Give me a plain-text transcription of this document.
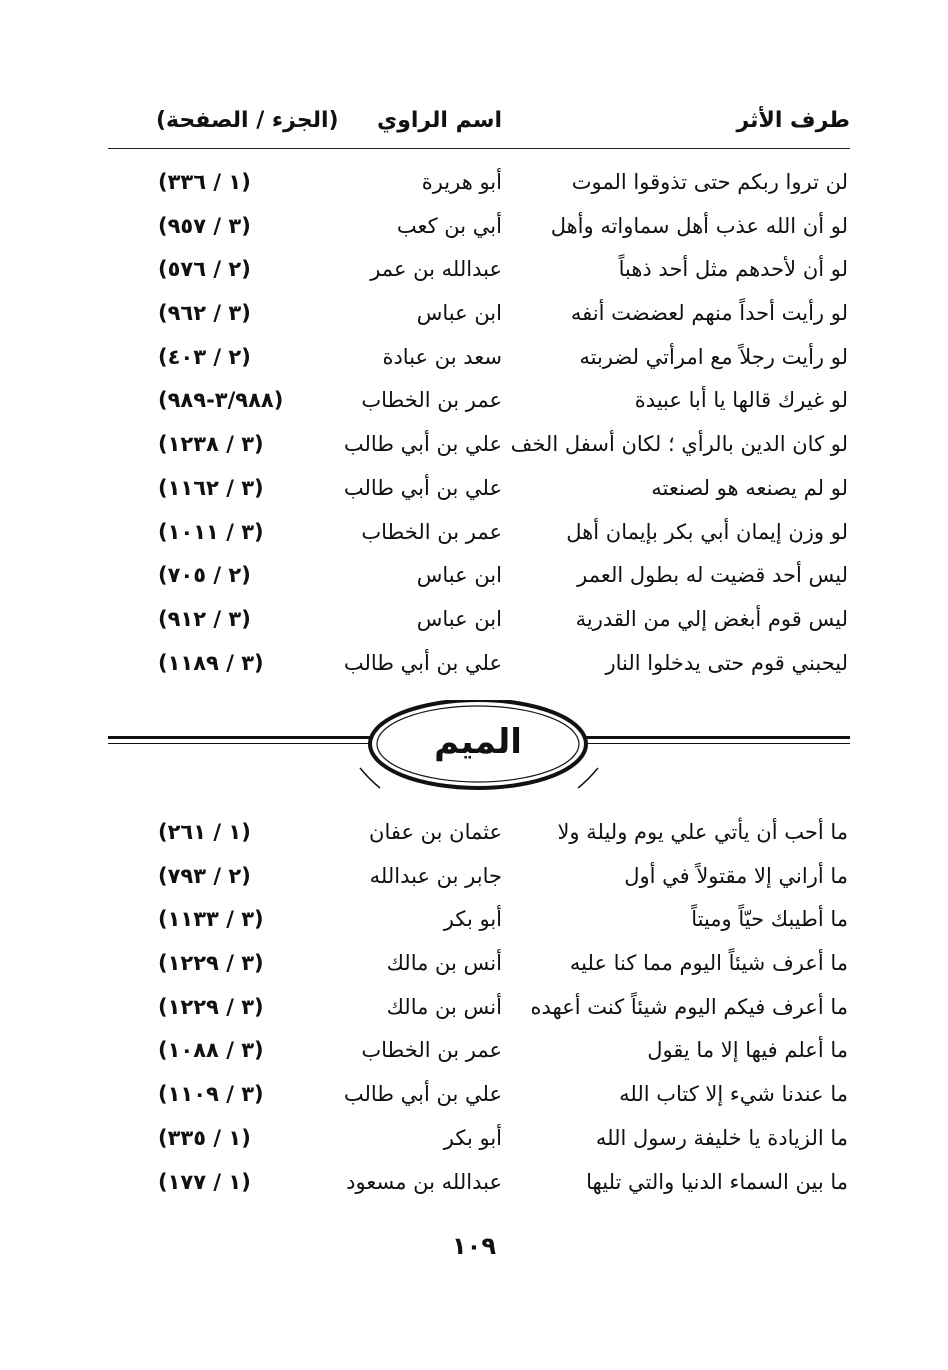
طرف الأثر
اسم الراوي
(الجزء / الصفحة)
لن تروا ربكم حتى تذوقوا الموت
أبو هريرة
(١ / ٣٣٦)
لو أن الله عذب أهل سماواته وأهل
أبي بن كعب
(٣ / ٩٥٧)
لو أن لأحدهم مثل أحد ذهباً
عبدالله بن عمر
(٢ / ٥٧٦)
لو رأيت أحداً منهم لعضضت أنفه
ابن عباس
(٣ / ٩٦٢)
لو رأيت رجلاً مع امرأتي لضربته
سعد بن عبادة
(٢ / ٤٠٣)
لو غيرك قالها يا أبا عبيدة
عمر بن الخطاب
(٣/٩٨٨-٩٨٩)
لو كان الدين بالرأي ؛ لكان أسفل الخف
علي بن أبي طالب
(٣ / ١٢٣٨)
لو لم يصنعه هو لصنعته
علي بن أبي طالب
(٣ / ١١٦٢)
لو وزن إيمان أبي بكر بإيمان أهل
عمر بن الخطاب
(٣ / ١٠١١)
ليس أحد قضيت له بطول العمر
ابن عباس
(٢ / ٧٠٥)
ليس قوم أبغض إلي من القدرية
ابن عباس
(٣ / ٩١٢)
ليحبني قوم حتى يدخلوا النار
علي بن أبي طالب
(٣ / ١١٨٩)
الميم
ما أحب أن يأتي علي يوم وليلة ولا
عثمان بن عفان
(١ / ٢٦١)
ما أراني إلا مقتولاً في أول
جابر بن عبدالله
(٢ / ٧٩٣)
ما أطيبك حيّاً وميتاً
أبو بكر
(٣ / ١١٣٣)
ما أعرف شيئاً اليوم مما كنا عليه
أنس بن مالك
(٣ / ١٢٢٩)
ما أعرف فيكم اليوم شيئاً كنت أعهده
أنس بن مالك
(٣ / ١٢٢٩)
ما أعلم فيها إلا ما يقول
عمر بن الخطاب
(٣ / ١٠٨٨)
ما عندنا شيء إلا كتاب الله
علي بن أبي طالب
(٣ / ١١٠٩)
ما الزيادة يا خليفة رسول الله
أبو بكر
(١ / ٣٣٥)
ما بين السماء الدنيا والتي تليها
عبدالله بن مسعود
(١ / ١٧٧)
١٠٩
